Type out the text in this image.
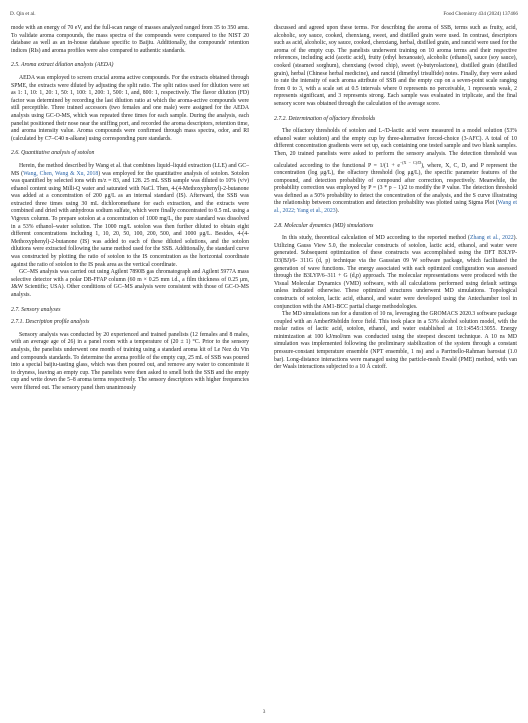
D. Qin et al.	Food Chemistry 434 (2024) 137466

mode with an energy of 70 eV, and the full-scan range of masses analyzed ranged from 35 to 350 amu. To validate aroma compounds, the mass spectra of the compounds were compared to the NIST 20 database as well as an in-house database specific to Baijiu. Additionally, the compounds' retention indices (RIs) and aroma profiles were also compared to authentic standards.

2.5. Aroma extract dilution analysis (AEDA)

AEDA was employed to screen crucial aroma active compounds. For the extracts obtained through SPME, the extracts were diluted by adjusting the split ratio. The split ratios used for dilution were set as 1: 1, 10: 1, 20: 1, 50: 1, 100: 1, 200: 1, 500: 1, and, 800: 1, respectively. The flavor dilution (FD) factor was determined by recording the last dilution ratio at which the aroma-active compounds were still perceptible. Three trained accessors (two females and one male) were assigned for the AEDA analysis using GC-O-MS, which was repeated three times for each sample. During the analysis, each panelist positioned their nose near the sniffing port, and recorded the aroma descriptors, retention time, and aroma intensity value. Aroma compounds were confirmed through mass spectra, odor, and RI (calculated by C7–C40 n-alkane) using corresponding pure standards.

2.6. Quantitative analysis of sotolon

Herein, the method described by Wang et al. that combines liquid–liquid extraction (LLE) and GC–MS (Wang, Chen, Wang & Xu, 2018) was employed for the quantitative analysis of sotolon. Sotolon was quantified by selected ions with m/z = 83, and 128. 25 mL SSB sample was diluted to 10% (v/v) ethanol content using Milli-Q water and saturated with NaCl. Then, 4-(4-Methoxyphenyl)-2-butanone was added at a concentration of 200 μg/L as an internal standard (IS). Afterward, the SSB was extracted three times using 30 mL dichloromethane for each extraction, and the extracts were combined and dried with anhydrous sodium sulfate, which were finally concentrated to 0.5 mL using a Vigreux column. To prepare sotolon at a concentration of 1000 mg/L, the pure standard was dissolved in a 53% ethanol–water solution. The 1000 mg/L sotolon was then further diluted to obtain eight different concentrations including 1, 10, 20, 50, 100, 200, 500, and 1000 μg/L. Besides, 4-(4-Methoxyphenyl)-2-butanone (IS) was added to each of these diluted solutions, and the sotolon dilutions were extracted following the same method used for the SSB. Additionally, the standard curve was constructed by plotting the ratio of sotolon to the IS concentration as the horizontal coordinate against the ratio of sotolon to the IS peak area as the vertical coordinate.

GC–MS analysis was carried out using Agilent 7890B gas chromatograph and Agilent 5977A mass selective detector with a polar DB-FFAP column (60 m × 0.25 mm i.d., a film thickness of 0.25 μm, J&W Scientific; USA). Other conditions of GC–MS analysis were consistent with those of GC-O-MS analysis.

2.7. Sensory analyses
2.7.1. Description profile analysis

Sensory analysis was conducted by 20 experienced and trained panelists (12 females and 8 males, with an average age of 26) in a panel room with a temperature of (20 ± 1) °C. Prior to the sensory analysis, the panelists underwent one month of training using a standard aroma kit of Le Nez du Vin and compounds standards. To determine the aroma profile of the empty cup, 25 mL of SSB was poured into a special baijiu-tasting glass, which was then poured out, and remove any water to concentrate it to dryness, leaving an empty cup. The panelists were then asked to smell both the SSB and the empty cup and write down the 5–8 aroma terms respectively. The sensory descriptors with higher frequencies were filtered out. The sensory panel then unanimously

discussed and agreed upon these terms. For describing the aroma of SSB, terms such as fruity, acid, alcoholic, soy sauce, cooked, chenxiang, sweet, and distilled grain were used. In contrast, descriptors such as acid, alcoholic, soy sauce, cooked, chenxiang, herbal, distilled grain, and rancid were used for the aroma of the empty cup. The panelists underwent training on 10 aroma terms and their respective references, including acid (acetic acid), fruity (ethyl hexanoate), alcoholic (ethanol), sauce (soy sauce), cooked (steamed sorghum), chenxiang (wood chip), sweet (γ-butyrolactone), distilled grain (distilled grain), herbal (Chinese herbal medicine), and rancid (dimethyl trisulfide) notes. Finally, they were asked to rate the intensity of each aroma attribute of SSB and the empty cup on a seven-point scale ranging from 0 to 3, with a scale set at 0.5 intervals where 0 represents no perceivable, 1 represents weak, 2 represents significant, and 3 represents strong. Each sample was evaluated in triplicate, and the final sensory score was obtained through the calculation of the average score.

2.7.2. Determination of olfactory thresholds

The olfactory thresholds of sotolon and L-/D-lactic acid were measured in a model solution (53% ethanol water solution) and the empty cup by three-alternative forced-choice (3-AFC). A total of 10 different concentration gradients were set up, each containing one tested sample and two blank samples. Then, 20 trained panelists were asked to perform the sensory analysis. The detection threshold was calculated according to the functional $P = 1/(1 + e^{-(X - C)/D})$, where, X, C, D, and P represent the concentration (log μg/L), the olfactory threshold (log μg/L), the specific parameter features of the compound, and detection probability of compound after correction, respectively. Meanwhile, the probability correction was employed by P = (3 * p − 1)/2 to modify the P value. The detection threshold was defined as a 50% probability to detect the concentration of the analysis, and the S curve illustrating the relationship between concentration and detection probability was plotted using Sigma Plot (Wang et al., 2022; Yang et al., 2023).

2.8. Molecular dynamics (MD) simulations

In this study, theoretical calculation of MD according to the reported method (Zhang et al., 2022). Utilizing Gauss View 5.0, the molecular constructs of sotolon, lactic acid, ethanol, and water were generated. Subsequent optimization of these constructs was accomplished using the DFT B3LYP-D3(BJ)/6- 311G (d, p) technique via the Gaussian 09 W software package, which facilitated the generation of wave functions. The energy associated with each optimized configuration was assessed through the B3LYP/6–311 + G (d,p) approach. The molecular representations were produced with the Visual Molecular Dynamics (VMD) software, with all calculations performed using default settings unless indicated otherwise. These optimized structures underwent MD simulations. Topological constructs of sotolon, lactic acid, ethanol, and water were developed using the Antechamber tool in conjunction with the AM1-BCC partial charge methodologies.

The MD simulations ran for a duration of 10 ns, leveraging the GROMACS 2020.3 software package coupled with an Amber99sbildn force field. This took place in a 53% alcohol solution model, with the molar ratios of lactic acid, sotolon, ethanol, and water established at 10:1:4545:13055. Energy minimization at 100 kJ/mol/nm was conducted using the steepest descent technique. A 10 ns MD simulation was implemented following the preliminary stabilization of the system through a constant pressure-constant temperature ensemble (NPT ensemble, 1 ns) and a Parrinello-Rahman barostat (1.0 bar). Long-distance interactions were managed using the particle-mesh Ewald (PME) method, with van der Waals interactions subjected to a 10 Å cutoff.

3
